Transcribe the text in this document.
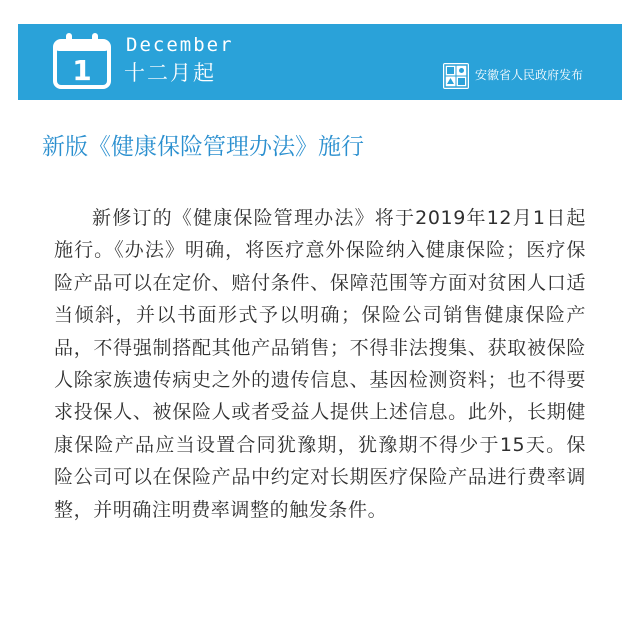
1
December
十二月起	安徽省人民政府发布
新版《健康保险管理办法》施行

新修订的《健康保险管理办法》将于2019年12月1日起施行。《办法》明确，将医疗意外保险纳入健康保险；医疗保险产品可以在定价、赔付条件、保障范围等方面对贫困人口适当倾斜，并以书面形式予以明确；保险公司销售健康保险产品，不得强制搭配其他产品销售；不得非法搜集、获取被保险人除家族遗传病史之外的遗传信息、基因检测资料；也不得要求投保人、被保险人或者受益人提供上述信息。此外，长期健康保险产品应当设置合同犹豫期，犹豫期不得少于15天。保险公司可以在保险产品中约定对长期医疗保险产品进行费率调整，并明确注明费率调整的触发条件。
